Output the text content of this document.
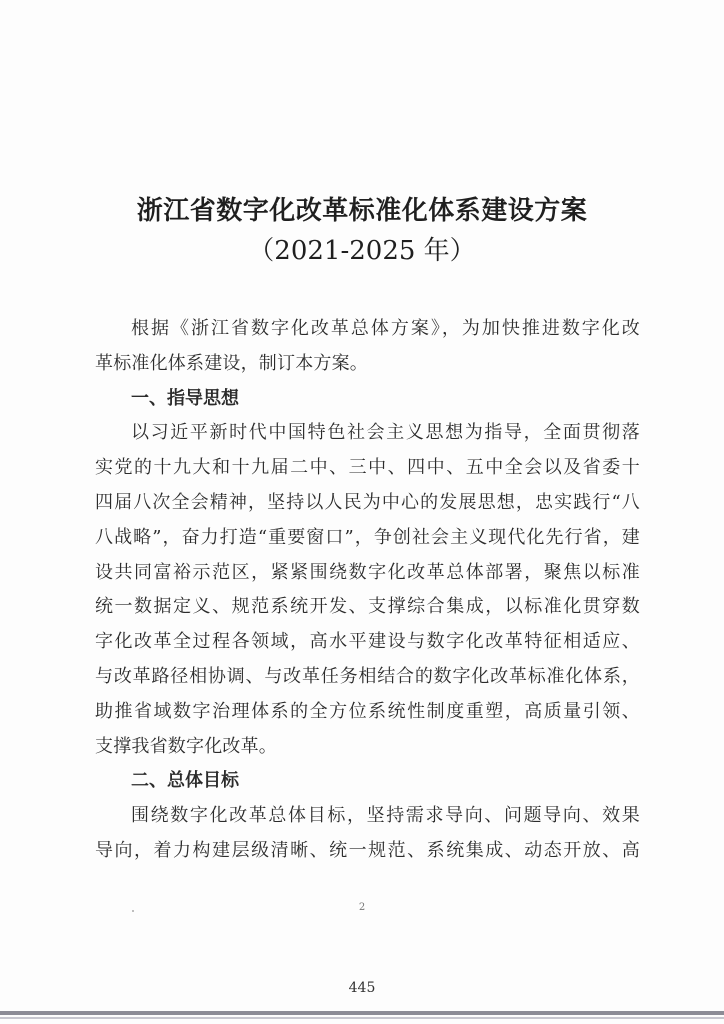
浙江省数字化改革标准化体系建设方案
（2021-2025 年）
根据《浙江省数字化改革总体方案》，为加快推进数字化改
革标准化体系建设，制订本方案。
一、指导思想
以习近平新时代中国特色社会主义思想为指导，全面贯彻落
实党的十九大和十九届二中、三中、四中、五中全会以及省委十
四届八次全会精神，坚持以人民为中心的发展思想，忠实践行“八
八战略”，奋力打造“重要窗口”，争创社会主义现代化先行省，建
设共同富裕示范区，紧紧围绕数字化改革总体部署，聚焦以标准
统一数据定义、规范系统开发、支撑综合集成，以标准化贯穿数
字化改革全过程各领域，高水平建设与数字化改革特征相适应、
与改革路径相协调、与改革任务相结合的数字化改革标准化体系，
助推省域数字治理体系的全方位系统性制度重塑，高质量引领、
支撑我省数字化改革。
二、总体目标
围绕数字化改革总体目标，坚持需求导向、问题导向、效果
导向，着力构建层级清晰、统一规范、系统集成、动态开放、高
2
445
